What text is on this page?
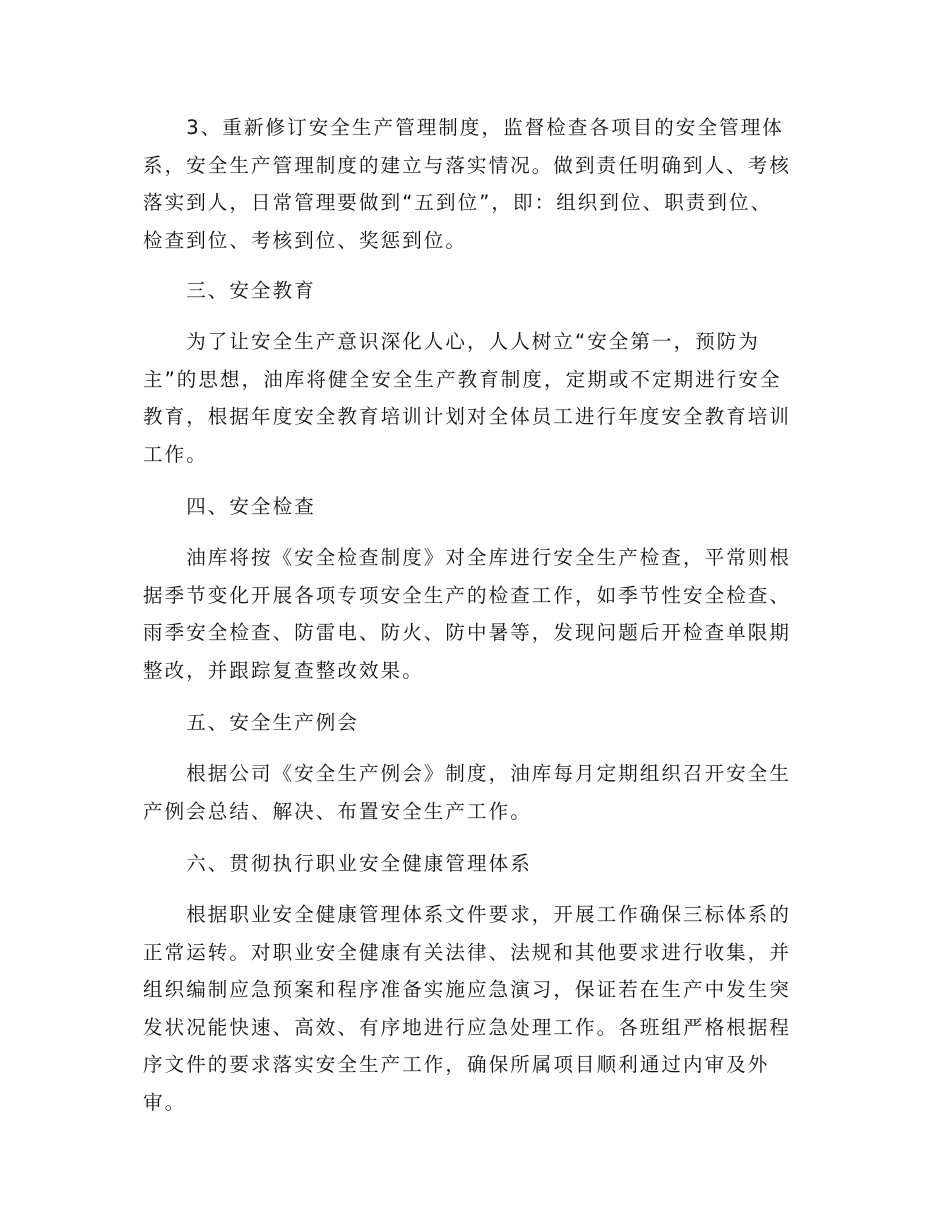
　　3、重新修订安全生产管理制度，监督检查各项目的安全管理体
系，安全生产管理制度的建立与落实情况。做到责任明确到人、考核
落实到人，日常管理要做到“五到位”，即：组织到位、职责到位、
检查到位、考核到位、奖惩到位。
　　三、安全教育
　　为了让安全生产意识深化人心，人人树立“安全第一，预防为
主”的思想，油库将健全安全生产教育制度，定期或不定期进行安全
教育，根据年度安全教育培训计划对全体员工进行年度安全教育培训
工作。
　　四、安全检查
　　油库将按《安全检查制度》对全库进行安全生产检查，平常则根
据季节变化开展各项专项安全生产的检查工作，如季节性安全检查、
雨季安全检查、防雷电、防火、防中暑等，发现问题后开检查单限期
整改，并跟踪复查整改效果。
　　五、安全生产例会
　　根据公司《安全生产例会》制度，油库每月定期组织召开安全生
产例会总结、解决、布置安全生产工作。
　　六、贯彻执行职业安全健康管理体系
　　根据职业安全健康管理体系文件要求，开展工作确保三标体系的
正常运转。对职业安全健康有关法律、法规和其他要求进行收集，并
组织编制应急预案和程序准备实施应急演习，保证若在生产中发生突
发状况能快速、高效、有序地进行应急处理工作。各班组严格根据程
序文件的要求落实安全生产工作，确保所属项目顺利通过内审及外
审。
